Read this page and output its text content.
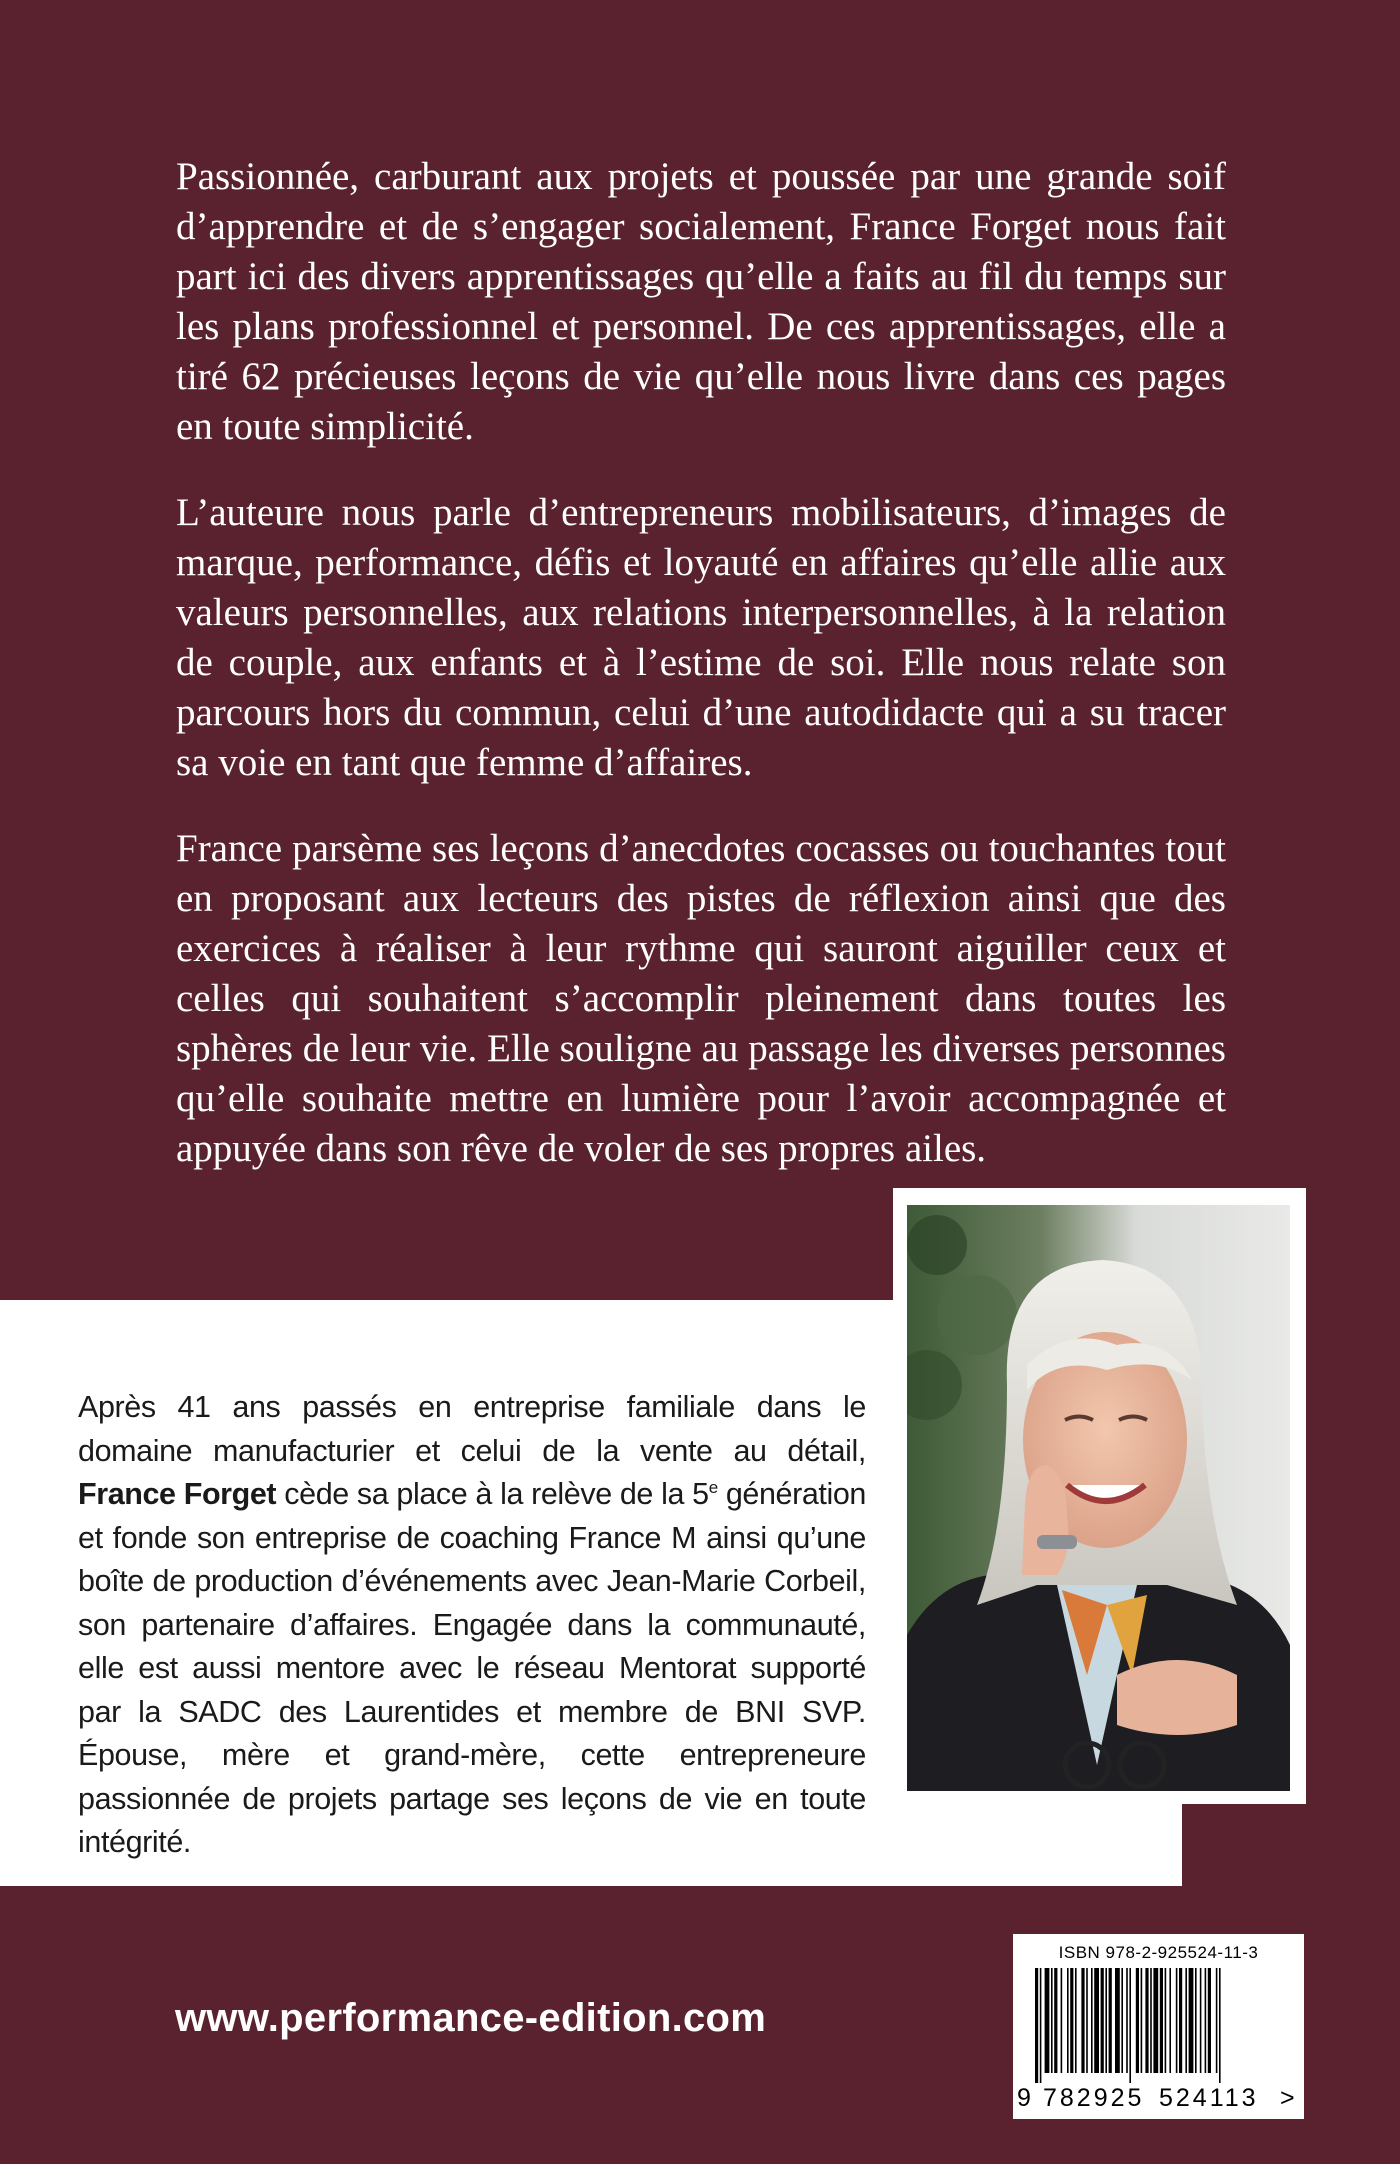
Passionnée, carburant aux projets et poussée par une grande soif d’apprendre et de s’engager socialement, France Forget nous fait part ici des divers apprentissages qu’elle a faits au fil du temps sur les plans professionnel et personnel. De ces apprentissages, elle a tiré 62 précieuses leçons de vie qu’elle nous livre dans ces pages en toute simplicité.

L’auteure nous parle d’entrepreneurs mobilisateurs, d’images de marque, performance, défis et loyauté en affaires qu’elle allie aux valeurs personnelles, aux relations interpersonnelles, à la relation de couple, aux enfants et à l’estime de soi. Elle nous relate son parcours hors du commun, celui d’une autodidacte qui a su tracer sa voie en tant que femme d’affaires.

France parsème ses leçons d’anecdotes cocasses ou touchantes tout en proposant aux lecteurs des pistes de réflexion ainsi que des exercices à réaliser à leur rythme qui sauront aiguiller ceux et celles qui souhaitent s’accomplir pleinement dans toutes les sphères de leur vie. Elle souligne au passage les diverses personnes qu’elle souhaite mettre en lumière pour l’avoir accompagnée et appuyée dans son rêve de voler de ses propres ailes.

Après 41 ans passés en entreprise familiale dans le domaine manufacturier et celui de la vente au détail, France Forget cède sa place à la relève de la 5e génération et fonde son entreprise de coaching France M ainsi qu’une boîte de production d’événements avec Jean-Marie Corbeil, son partenaire d’affaires. Engagée dans la communauté, elle est aussi mentore avec le réseau Mentorat supporté par la SADC des Laurentides et membre de BNI SVP. Épouse, mère et grand-mère, cette entrepreneure passionnée de projets partage ses leçons de vie en toute intégrité.

www.performance-edition.com
ISBN 978-2-925524-11-3
9 782925 524113 >
